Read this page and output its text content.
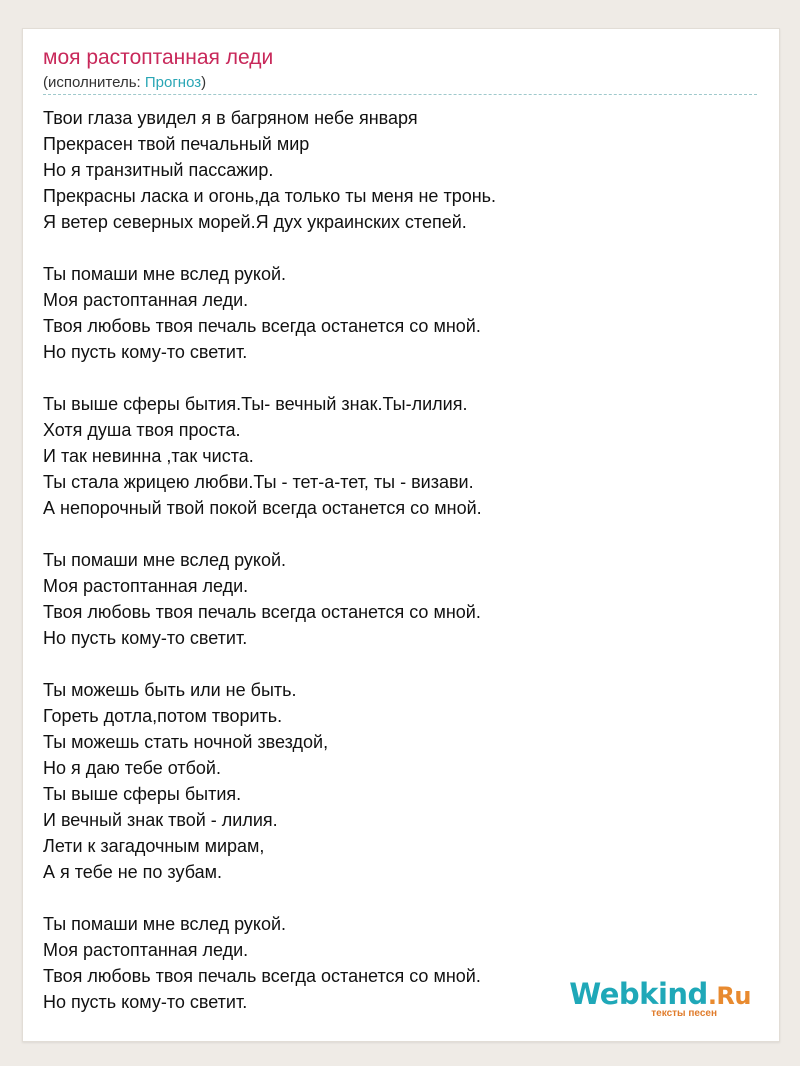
моя растоптанная леди
(исполнитель: Прогноз)
Твои глаза увидел я в багряном небе января
Прекрасен твой печальный мир
Но я транзитный пассажир.
Прекрасны ласка и огонь,да только ты меня не тронь.
Я ветер северных морей.Я дух украинских степей.
Ты помаши мне вслед рукой.
Моя растоптанная леди.
Твоя любовь твоя печаль всегда останется со мной.
Но пусть кому-то светит.
Ты выше сферы бытия.Ты- вечный знак.Ты-лилия.
Хотя душа твоя проста.
И так невинна ,так чиста.
Ты стала жрицею любви.Ты - тет-а-тет, ты - визави.
А непорочный твой покой всегда останется со мной.
Ты помаши мне вслед рукой.
Моя растоптанная леди.
Твоя любовь твоя печаль всегда останется со мной.
Но пусть кому-то светит.
Ты можешь быть или не быть.
Гореть дотла,потом творить.
Ты можешь стать ночной звездой,
Но я даю тебе отбой.
Ты выше сферы бытия.
И вечный знак твой - лилия.
Лети к загадочным мирам,
А я тебе не по зубам.
Ты помаши мне вслед рукой.
Моя растоптанная леди.
Твоя любовь твоя печаль всегда останется со мной.
Но пусть кому-то светит.	Webkind.Ru
тексты песен
